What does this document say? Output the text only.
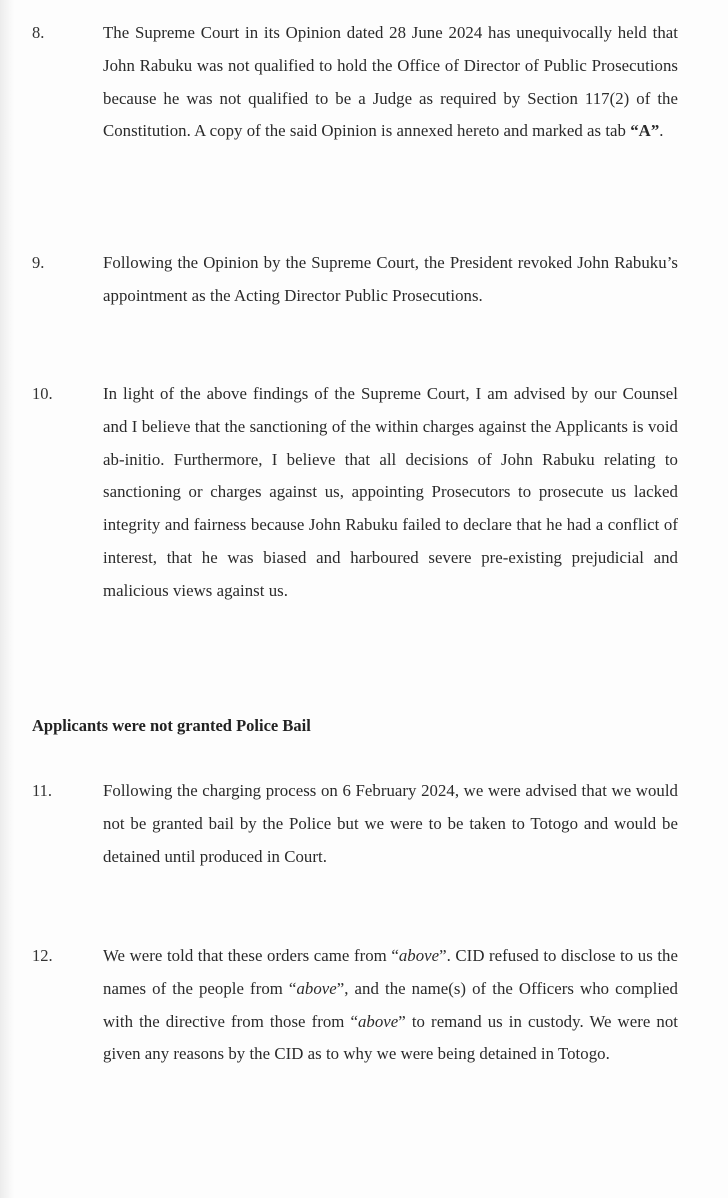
8.	The Supreme Court in its Opinion dated 28 June 2024 has unequivocally held that John Rabuku was not qualified to hold the Office of Director of Public Prosecutions because he was not qualified to be a Judge as required by Section 117(2) of the Constitution. A copy of the said Opinion is annexed hereto and marked as tab “A”.
9.	Following the Opinion by the Supreme Court, the President revoked John Rabuku’s appointment as the Acting Director Public Prosecutions.
10.	In light of the above findings of the Supreme Court, I am advised by our Counsel and I believe that the sanctioning of the within charges against the Applicants is void ab-initio. Furthermore, I believe that all decisions of John Rabuku relating to sanctioning or charges against us, appointing Prosecutors to prosecute us lacked integrity and fairness because John Rabuku failed to declare that he had a conflict of interest, that he was biased and harboured severe pre-existing prejudicial and malicious views against us.
Applicants were not granted Police Bail
11.	Following the charging process on 6 February 2024, we were advised that we would not be granted bail by the Police but we were to be taken to Totogo and would be detained until produced in Court.
12.	We were told that these orders came from “above”. CID refused to disclose to us the names of the people from “above”, and the name(s) of the Officers who complied with the directive from those from “above” to remand us in custody. We were not given any reasons by the CID as to why we were being detained in Totogo.
